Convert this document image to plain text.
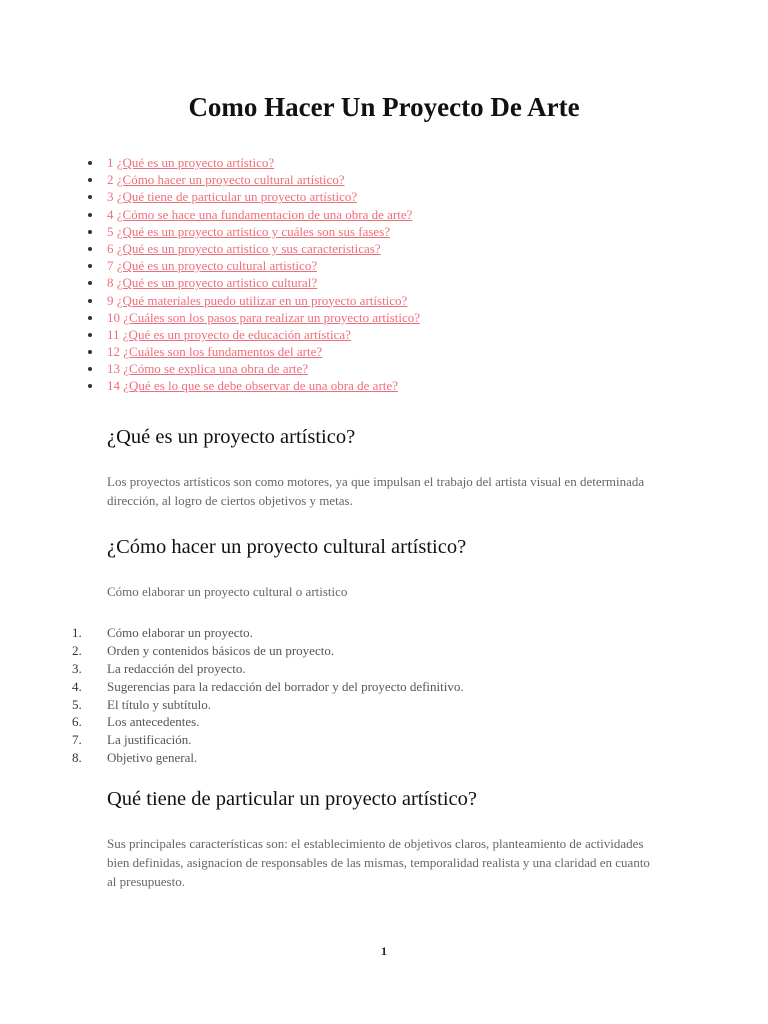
Como Hacer Un Proyecto De Arte
1 ¿Qué es un proyecto artístico?
2 ¿Cómo hacer un proyecto cultural artístico?
3 ¿Qué tiene de particular un proyecto artístico?
4 ¿Cómo se hace una fundamentacion de una obra de arte?
5 ¿Qué es un proyecto artistico y cuáles son sus fases?
6 ¿Qué es un proyecto artistico y sus caracteristicas?
7 ¿Qué es un proyecto cultural artistico?
8 ¿Qué es un proyecto artistico cultural?
9 ¿Qué materiales puedo utilizar en un proyecto artístico?
10 ¿Cuáles son los pasos para realizar un proyecto artístico?
11 ¿Qué es un proyecto de educación artística?
12 ¿Cuáles son los fundamentos del arte?
13 ¿Cómo se explica una obra de arte?
14 ¿Qué es lo que se debe observar de una obra de arte?
¿Qué es un proyecto artístico?

Los proyectos artísticos son como motores, ya que impulsan el trabajo del artista visual en determinada dirección, al logro de ciertos objetivos y metas.

¿Cómo hacer un proyecto cultural artístico?

Cómo elaborar un proyecto cultural o artistico

1. Cómo elaborar un proyecto.
2. Orden y contenidos básicos de un proyecto.
3. La redacción del proyecto.
4. Sugerencias para la redacción del borrador y del proyecto definitivo.
5. El título y subtítulo.
6. Los antecedentes.
7. La justificación.
8. Objetivo general.
Qué tiene de particular un proyecto artístico?

Sus principales características son: el establecimiento de objetivos claros, planteamiento de actividades bien definidas, asignacion de responsables de las mismas, temporalidad realista y una claridad en cuanto al presupuesto.

1
